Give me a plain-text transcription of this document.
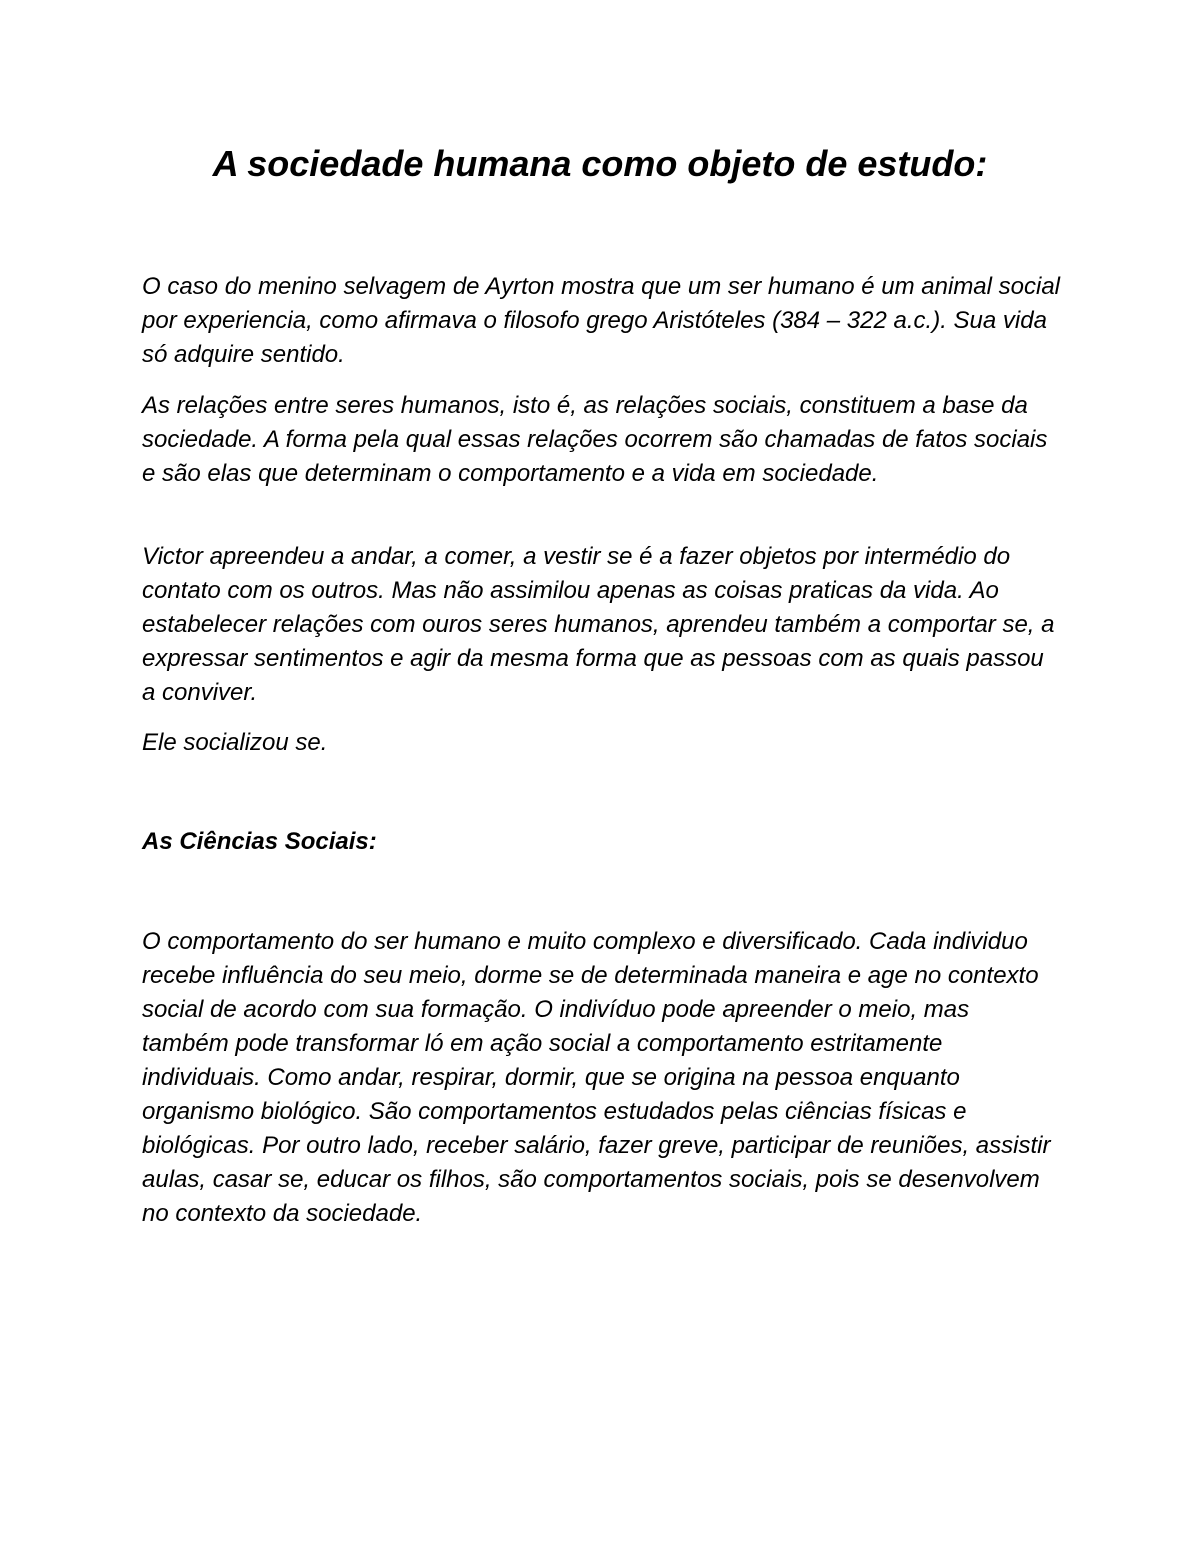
A sociedade humana como objeto de estudo:

O caso do menino selvagem de Ayrton mostra que um ser humano é um animal social por experiencia, como afirmava o filosofo grego Aristóteles (384 – 322 a.c.). Sua vida só adquire sentido.

As relações entre seres humanos, isto é, as relações sociais, constituem a base da sociedade. A forma pela qual essas relações ocorrem são chamadas de fatos sociais e são elas que determinam o comportamento e a vida em sociedade.

Victor apreendeu a andar, a comer, a vestir se é a fazer objetos por intermédio do contato com os outros. Mas não assimilou apenas as coisas praticas da vida. Ao estabelecer relações com ouros seres humanos, aprendeu também a comportar se, a expressar sentimentos e agir da mesma forma que as pessoas com as quais passou a conviver.

Ele socializou se.

As Ciências Sociais:

O comportamento do ser humano e muito complexo e diversificado. Cada individuo recebe influência do seu meio, dorme se de determinada maneira e age no contexto social de acordo com sua formação. O indivíduo pode apreender o meio, mas também pode transformar ló em ação social a comportamento estritamente individuais. Como andar, respirar, dormir, que se origina na pessoa enquanto organismo biológico. São comportamentos estudados pelas ciências físicas e biológicas. Por outro lado, receber salário, fazer greve, participar de reuniões, assistir aulas, casar se, educar os filhos, são comportamentos sociais, pois se desenvolvem no contexto da sociedade.
